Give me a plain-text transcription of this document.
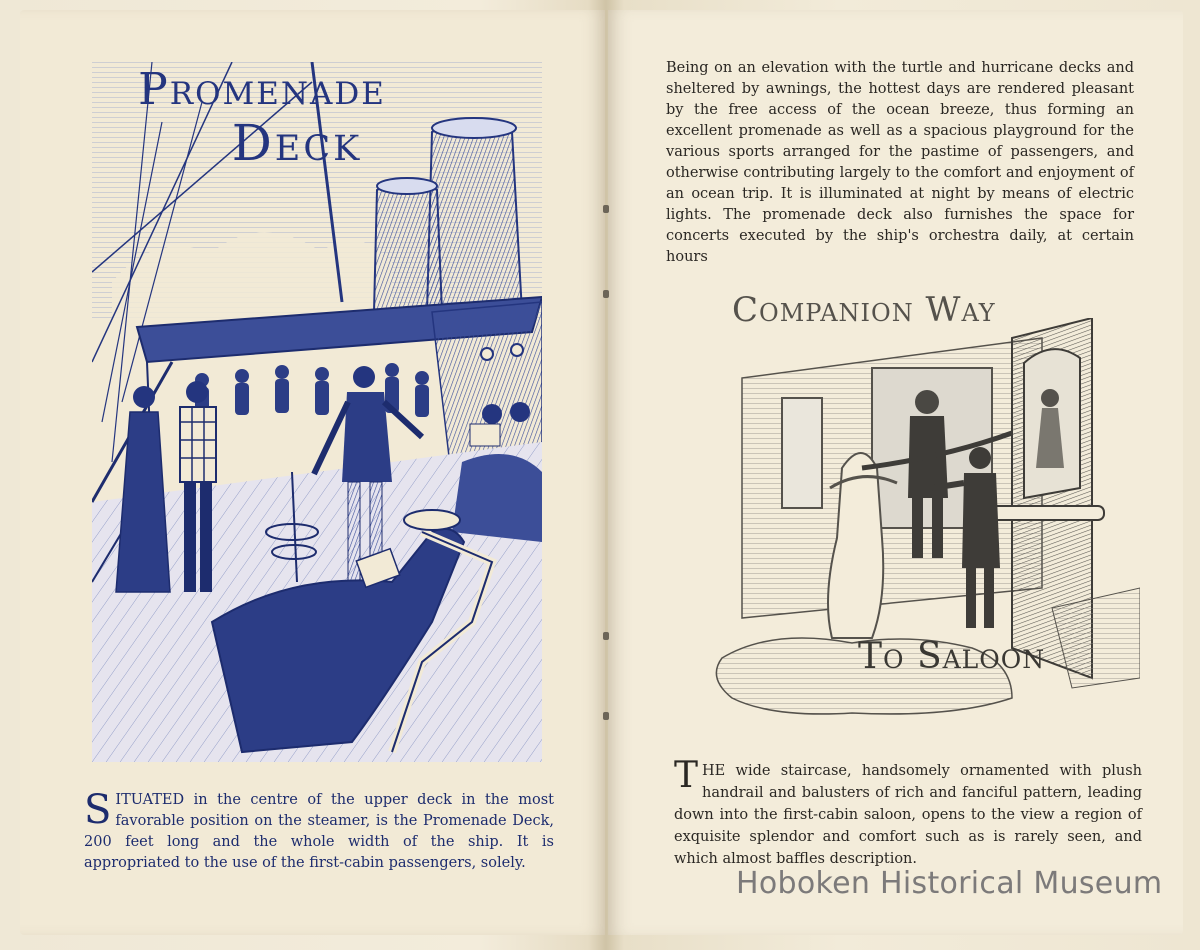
Promenade
Deck
SITUATED in the centre of the upper deck in the most favorable position on the steamer, is the Promenade Deck, 200 feet long and the whole width of the ship. It is appropriated to the use of the first-cabin passengers, solely.
Being on an elevation with the turtle and hurricane decks and sheltered by awnings, the hottest days are rendered pleasant by the free access of the ocean breeze, thus forming an excellent promenade as well as a spacious playground for the various sports arranged for the pastime of passengers, and otherwise contributing largely to the comfort and enjoyment of an ocean trip. It is illuminated at night by means of electric lights. The promenade deck also furnishes the space for concerts executed by the ship's orchestra daily, at certain hours
Companion Way
To Saloon
THE wide staircase, handsomely ornamented with plush handrail and balusters of rich and fanciful pattern, leading down into the first-cabin saloon, opens to the view a region of exquisite splendor and comfort such as is rarely seen, and which almost baffles description.
Hoboken Historical Museum
